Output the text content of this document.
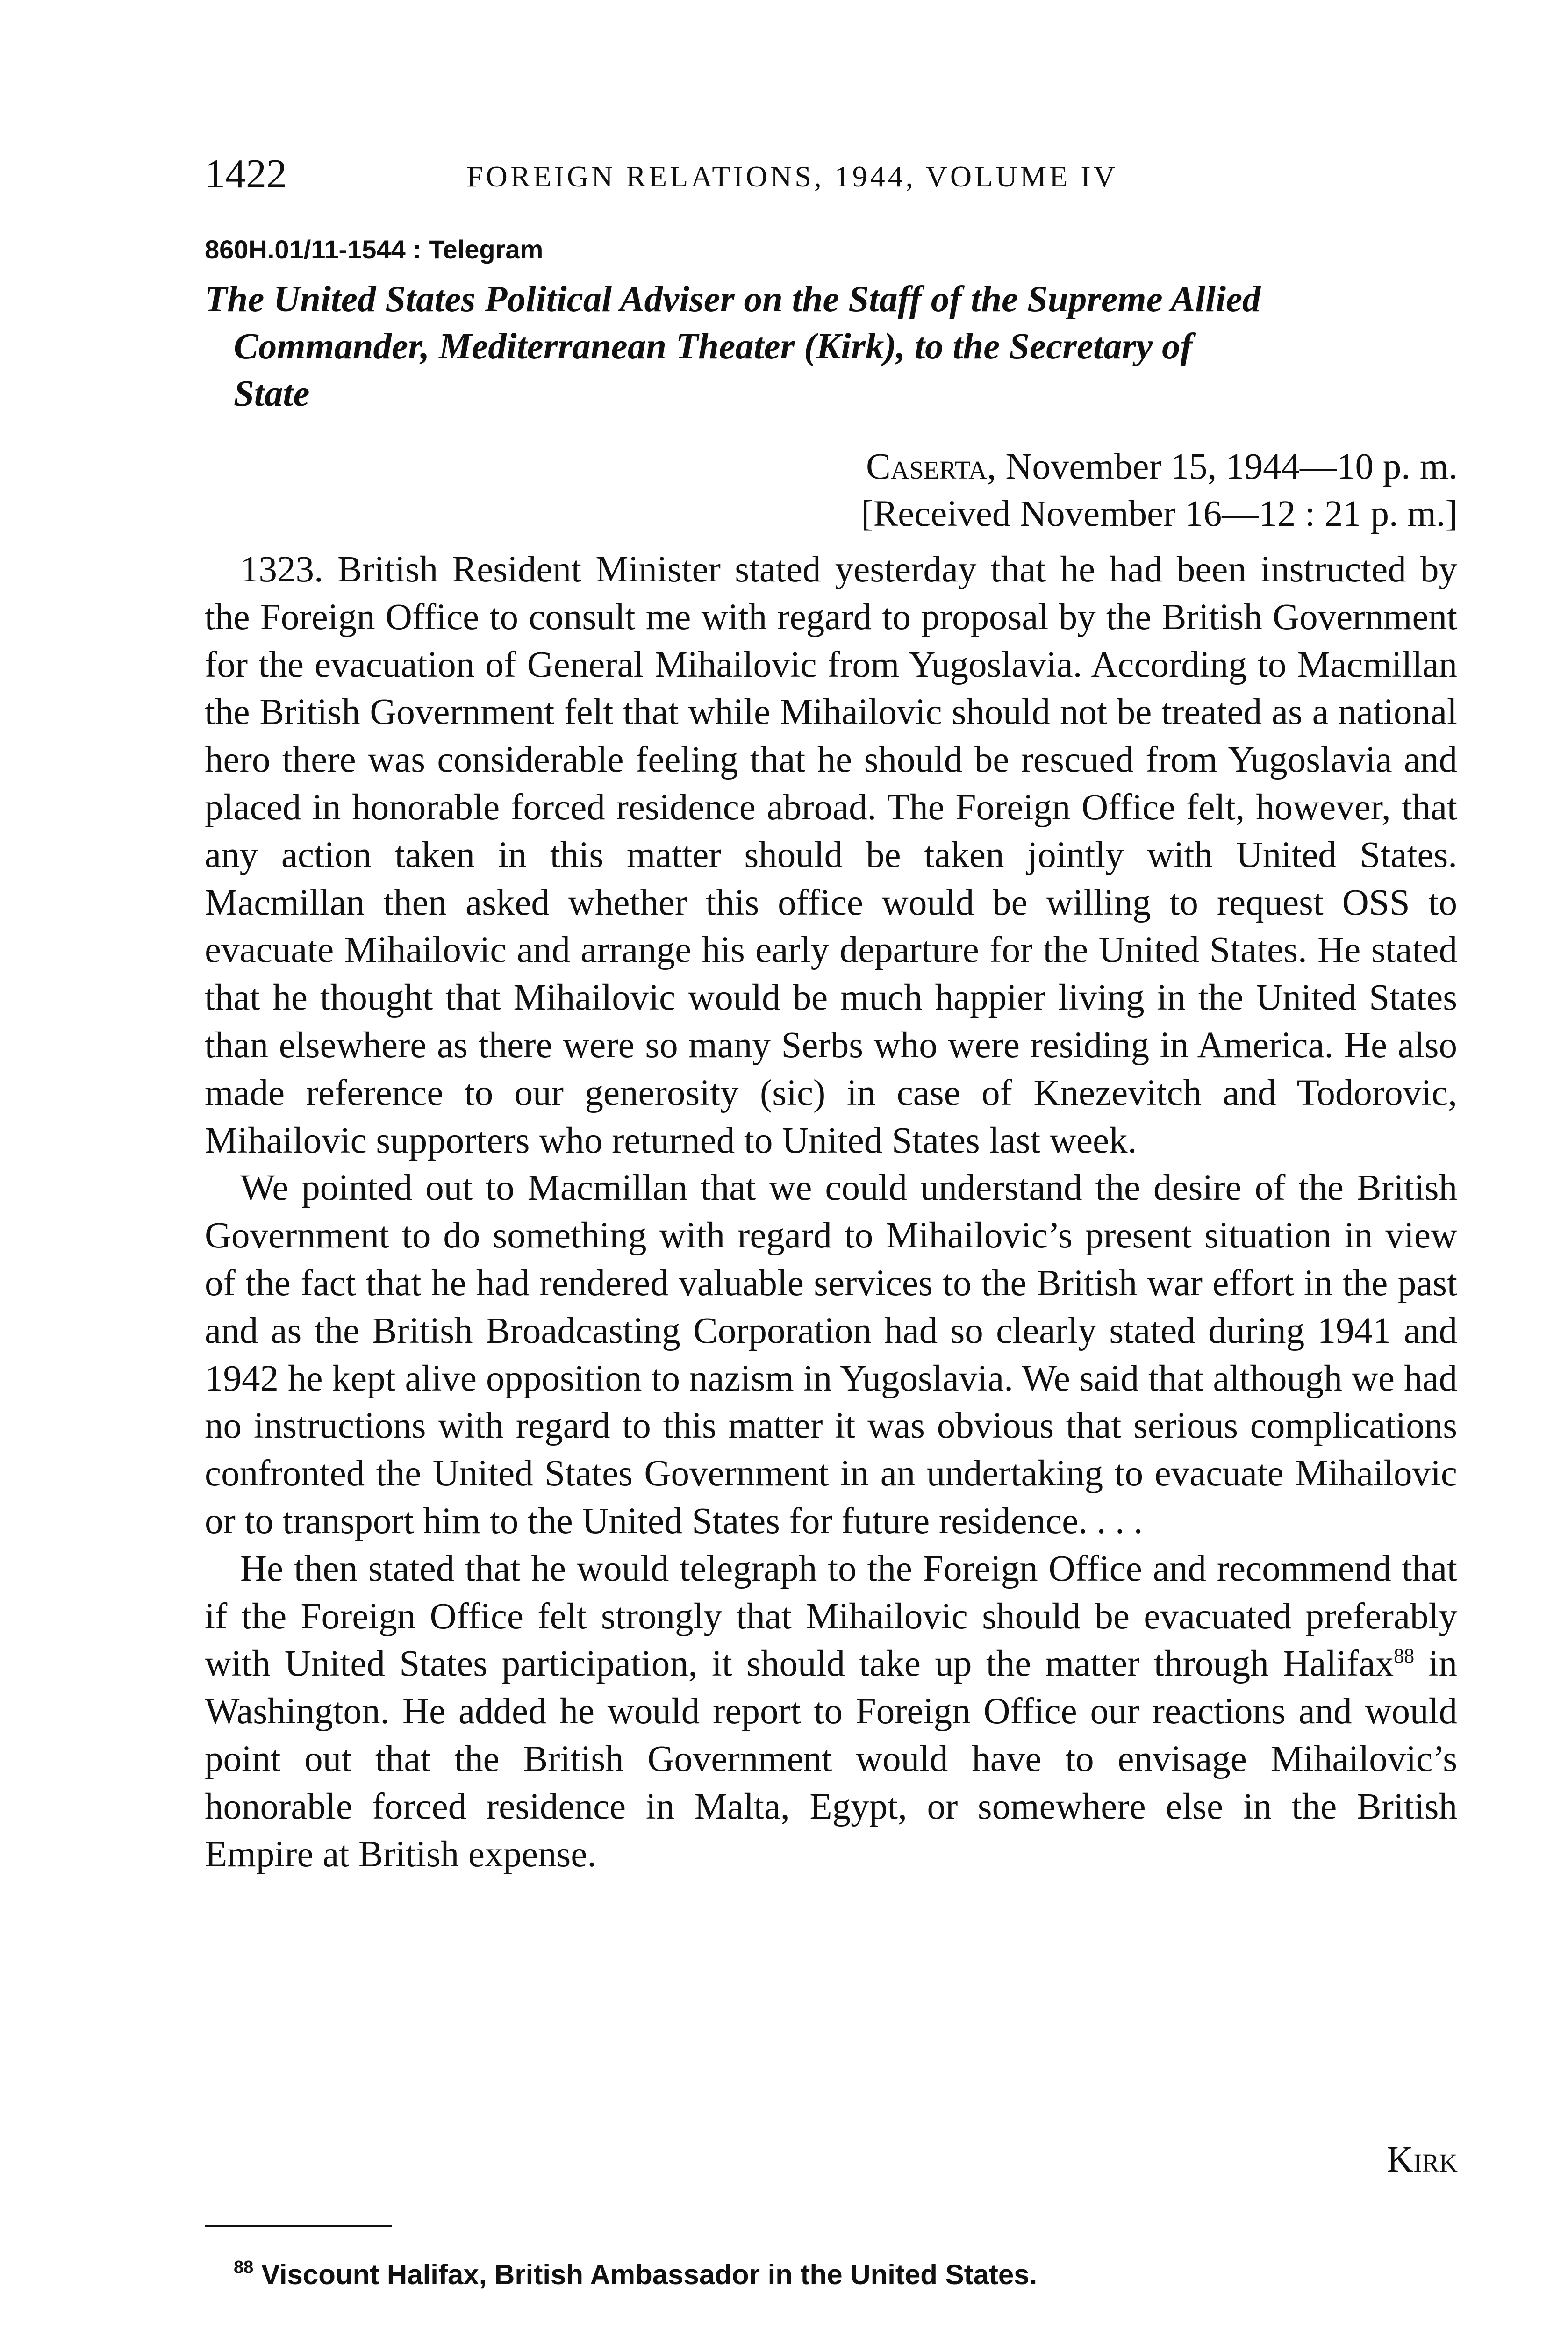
1422	FOREIGN RELATIONS, 1944, VOLUME IV
860H.01/11-1544 : Telegram
The United States Political Adviser on the Staff of the Supreme Allied
Commander, Mediterranean Theater (Kirk), to the Secretary of
State
Caserta, November 15, 1944—10 p. m.
[Received November 16—12 : 21 p. m.]

1323. British Resident Minister stated yesterday that he had been instructed by the Foreign Office to consult me with regard to proposal by the British Government for the evacuation of General Mihailovic from Yugoslavia. According to Macmillan the British Government felt that while Mihailovic should not be treated as a national hero there was considerable feeling that he should be rescued from Yugoslavia and placed in honorable forced residence abroad. The Foreign Office felt, however, that any action taken in this matter should be taken jointly with United States. Macmillan then asked whether this office would be willing to request OSS to evacuate Mihailovic and arrange his early departure for the United States. He stated that he thought that Mihailovic would be much happier living in the United States than elsewhere as there were so many Serbs who were residing in America. He also made reference to our generosity (sic) in case of Knezevitch and Todorovic, Mihailovic supporters who returned to United States last week.

We pointed out to Macmillan that we could understand the desire of the British Government to do something with regard to Mihailovic’s present situation in view of the fact that he had rendered valuable services to the British war effort in the past and as the British Broadcasting Corporation had so clearly stated during 1941 and 1942 he kept alive opposition to nazism in Yugoslavia. We said that although we had no instructions with regard to this matter it was obvious that serious complications confronted the United States Government in an undertaking to evacuate Mihailovic or to transport him to the United States for future residence. . . .

He then stated that he would telegraph to the Foreign Office and recommend that if the Foreign Office felt strongly that Mihailovic should be evacuated preferably with United States participation, it should take up the matter through Halifax$^{88}$ in Washington. He added he would report to Foreign Office our reactions and would point out that the British Government would have to envisage Mihailovic’s honorable forced residence in Malta, Egypt, or somewhere else in the British Empire at British expense.

Kirk
$^{88}$ Viscount Halifax, British Ambassador in the United States.
